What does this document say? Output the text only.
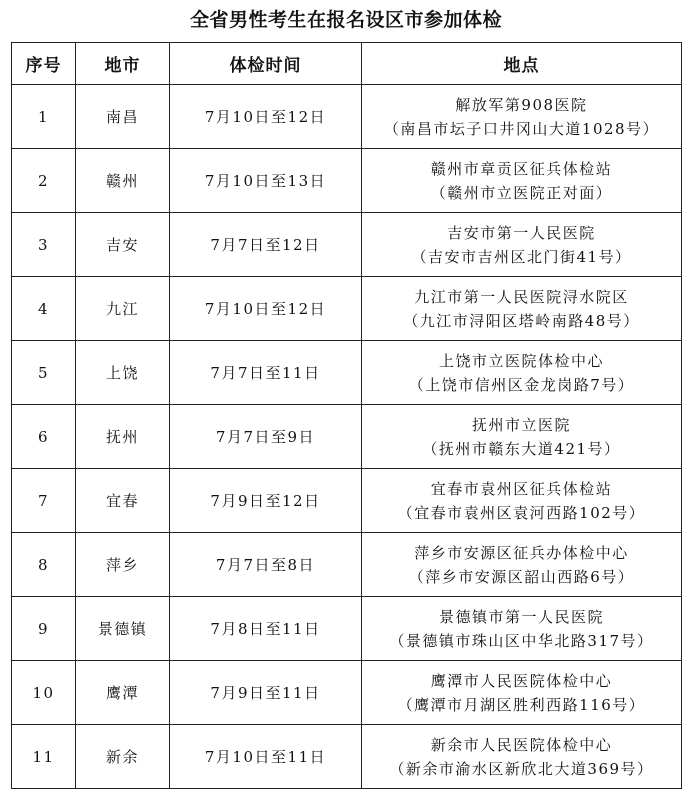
全省男性考生在报名设区市参加体检
序号	地市	体检时间	地点
1	南昌	7月10日至12日	解放军第908医院
（南昌市坛子口井冈山大道1028号）

2	赣州	7月10日至13日	赣州市章贡区征兵体检站
（赣州市立医院正对面）

3	吉安	7月7日至12日	吉安市第一人民医院
（吉安市吉州区北门街41号）

4	九江	7月10日至12日	九江市第一人民医院浔水院区
（九江市浔阳区塔岭南路48号）

5	上饶	7月7日至11日	上饶市立医院体检中心
（上饶市信州区金龙岗路7号）

6	抚州	7月7日至9日	抚州市立医院
（抚州市赣东大道421号）

7	宜春	7月9日至12日	宜春市袁州区征兵体检站
（宜春市袁州区袁河西路102号）

8	萍乡	7月7日至8日	萍乡市安源区征兵办体检中心
（萍乡市安源区韶山西路6号）

9	景德镇	7月8日至11日	景德镇市第一人民医院
（景德镇市珠山区中华北路317号）

10	鹰潭	7月9日至11日	鹰潭市人民医院体检中心
（鹰潭市月湖区胜利西路116号）

11	新余	7月10日至11日	新余市人民医院体检中心
（新余市渝水区新欣北大道369号）
